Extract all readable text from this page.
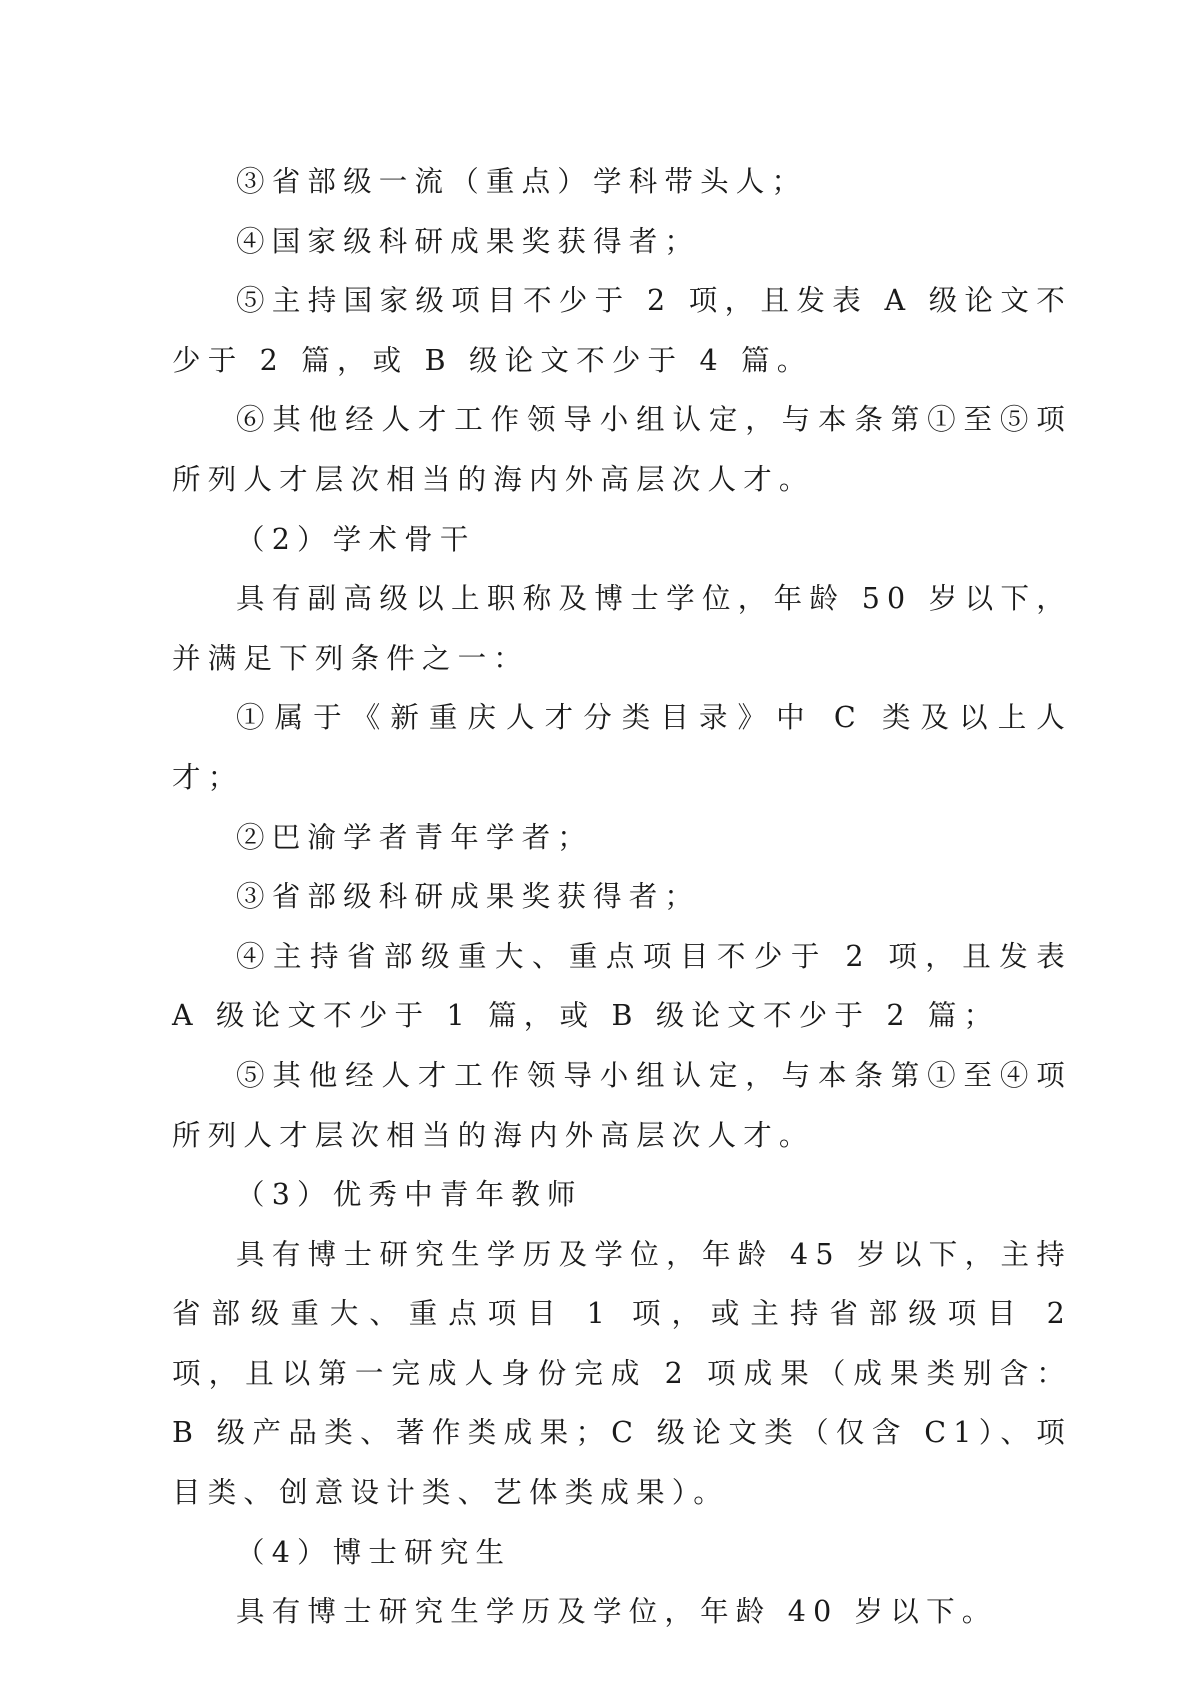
③省部级一流（重点）学科带头人；

④国家级科研成果奖获得者；

⑤主持国家级项目不少于 2 项，且发表 A 级论文不少于 2 篇，或 B 级论文不少于 4 篇。

⑥其他经人才工作领导小组认定，与本条第①至⑤项所列人才层次相当的海内外高层次人才。

（2）学术骨干

具有副高级以上职称及博士学位，年龄 50 岁以下，并满足下列条件之一：

①属于《新重庆人才分类目录》中 C 类及以上人才；

②巴渝学者青年学者；

③省部级科研成果奖获得者；

④主持省部级重大、重点项目不少于 2 项，且发表 A 级论文不少于 1 篇，或 B 级论文不少于 2 篇；

⑤其他经人才工作领导小组认定，与本条第①至④项所列人才层次相当的海内外高层次人才。

（3）优秀中青年教师

具有博士研究生学历及学位，年龄 45 岁以下，主持省部级重大、重点项目 1 项，或主持省部级项目 2 项，且以第一完成人身份完成 2 项成果（成果类别含：B 级产品类、著作类成果；C 级论文类（仅含 C1）、项目类、创意设计类、艺体类成果）。

（4）博士研究生

具有博士研究生学历及学位，年龄 40 岁以下。
